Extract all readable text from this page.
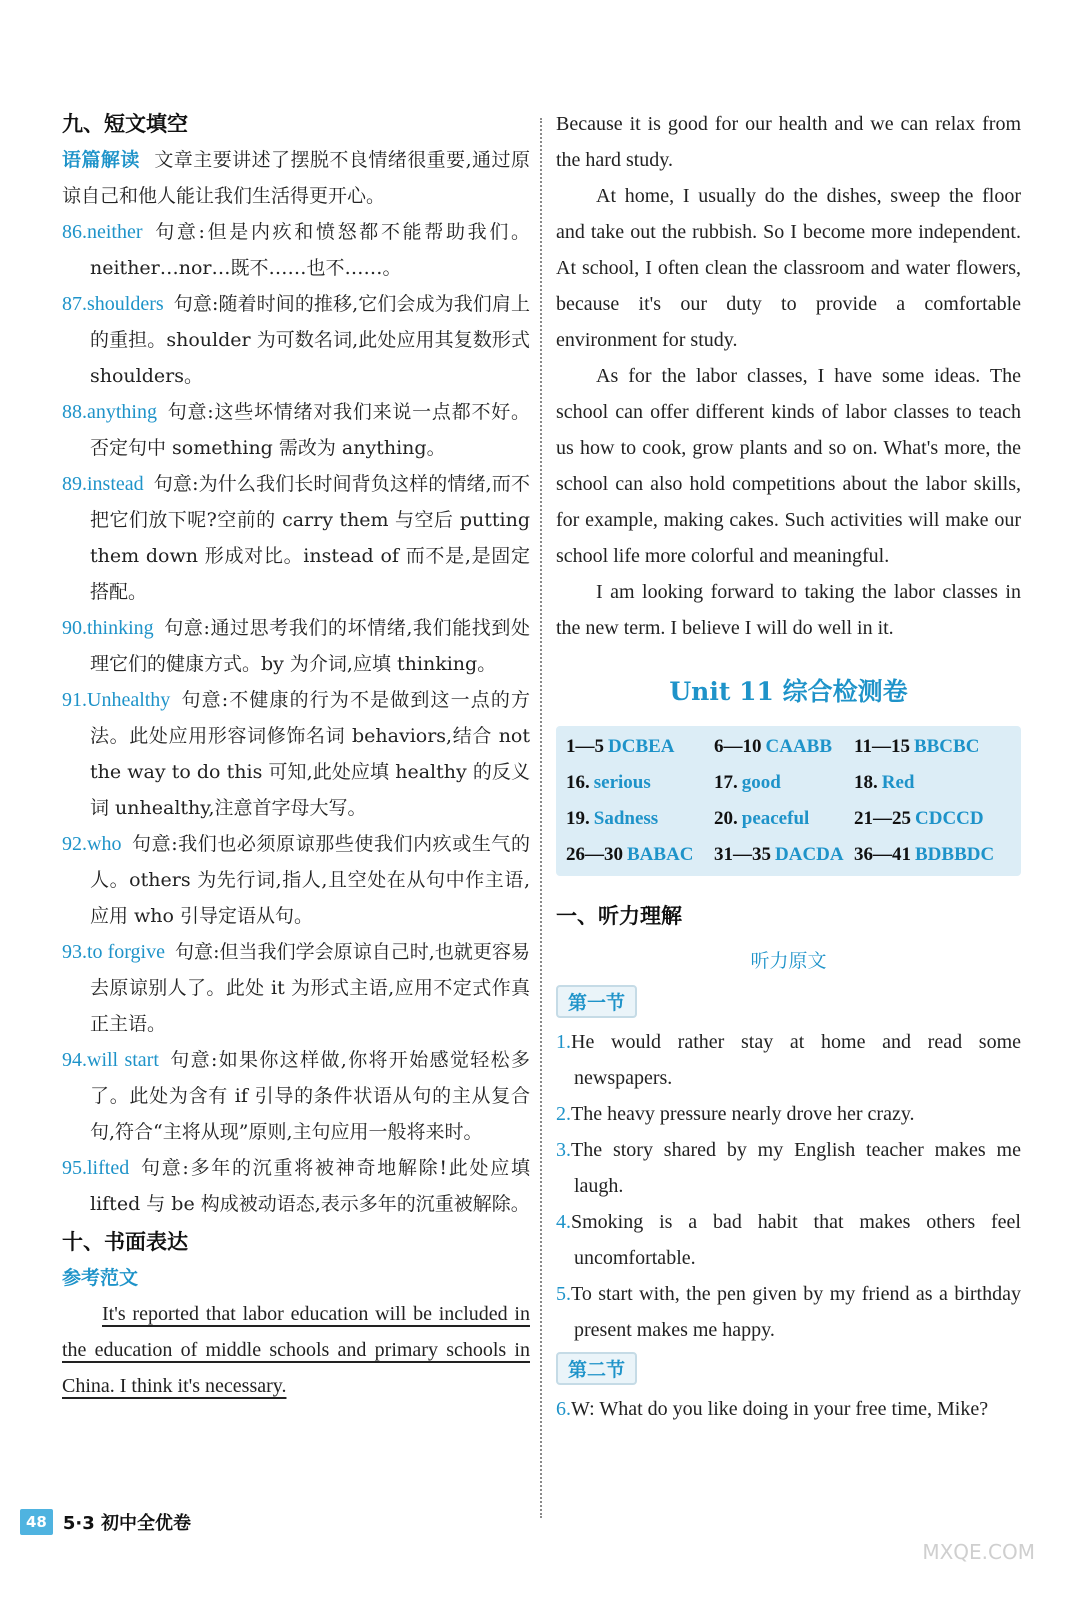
九、短文填空

语篇解读 文章主要讲述了摆脱不良情绪很重要,通过原谅自己和他人能让我们生活得更开心。

86.neither 句意:但是内疚和愤怒都不能帮助我们。neither…nor…既不……也不……。

87.shoulders 句意:随着时间的推移,它们会成为我们肩上的重担。shoulder 为可数名词,此处应用其复数形式 shoulders。

88.anything 句意:这些坏情绪对我们来说一点都不好。否定句中 something 需改为 anything。

89.instead 句意:为什么我们长时间背负这样的情绪,而不把它们放下呢?空前的 carry them 与空后 putting them down 形成对比。instead of 而不是,是固定搭配。

90.thinking 句意:通过思考我们的坏情绪,我们能找到处理它们的健康方式。by 为介词,应填 thinking。

91.Unhealthy 句意:不健康的行为不是做到这一点的方法。此处应用形容词修饰名词 behaviors,结合 not the way to do this 可知,此处应填 healthy 的反义词 unhealthy,注意首字母大写。

92.who 句意:我们也必须原谅那些使我们内疚或生气的人。others 为先行词,指人,且空处在从句中作主语,应用 who 引导定语从句。

93.to forgive 句意:但当我们学会原谅自己时,也就更容易去原谅别人了。此处 it 为形式主语,应用不定式作真正主语。

94.will start 句意:如果你这样做,你将开始感觉轻松多了。此处为含有 if 引导的条件状语从句的主从复合句,符合“主将从现”原则,主句应用一般将来时。

95.lifted 句意:多年的沉重将被神奇地解除!此处应填 lifted 与 be 构成被动语态,表示多年的沉重被解除。

十、书面表达
参考范文

It's reported that labor education will be included in the education of middle schools and primary schools in China. I think it's necessary.

Because it is good for our health and we can relax from the hard study.

At home, I usually do the dishes, sweep the floor and take out the rubbish. So I become more independent. At school, I often clean the classroom and water flowers, because it's our duty to provide a comfortable environment for study.

As for the labor classes, I have some ideas. The school can offer different kinds of labor classes to teach us how to cook, grow plants and so on. What's more, the school can also hold competitions about the labor skills, for example, making cakes. Such activities will make our school life more colorful and meaningful.

I am looking forward to taking the labor classes in the new term. I believe I will do well in it.

Unit 11 综合检测卷
1—5 DCBEA	6—10 CAABB	11—15 BBCBC
16. serious	17. good	18. Red
19. Sadness	20. peaceful	21—25 CDCCD
26—30 BABAC	31—35 DACDA 36—41 BDBBDC
一、听力理解
听力原文
第一节

1.He would rather stay at home and read some newspapers.

2.The heavy pressure nearly drove her crazy.

3.The story shared by my English teacher makes me laugh.

4.Smoking is a bad habit that makes others feel uncomfortable.

5.To start with, the pen given by my friend as a birthday present makes me happy.

第二节

6.W: What do you like doing in your free time, Mike?

48 5·3 初中全优卷
MXQE.COM
